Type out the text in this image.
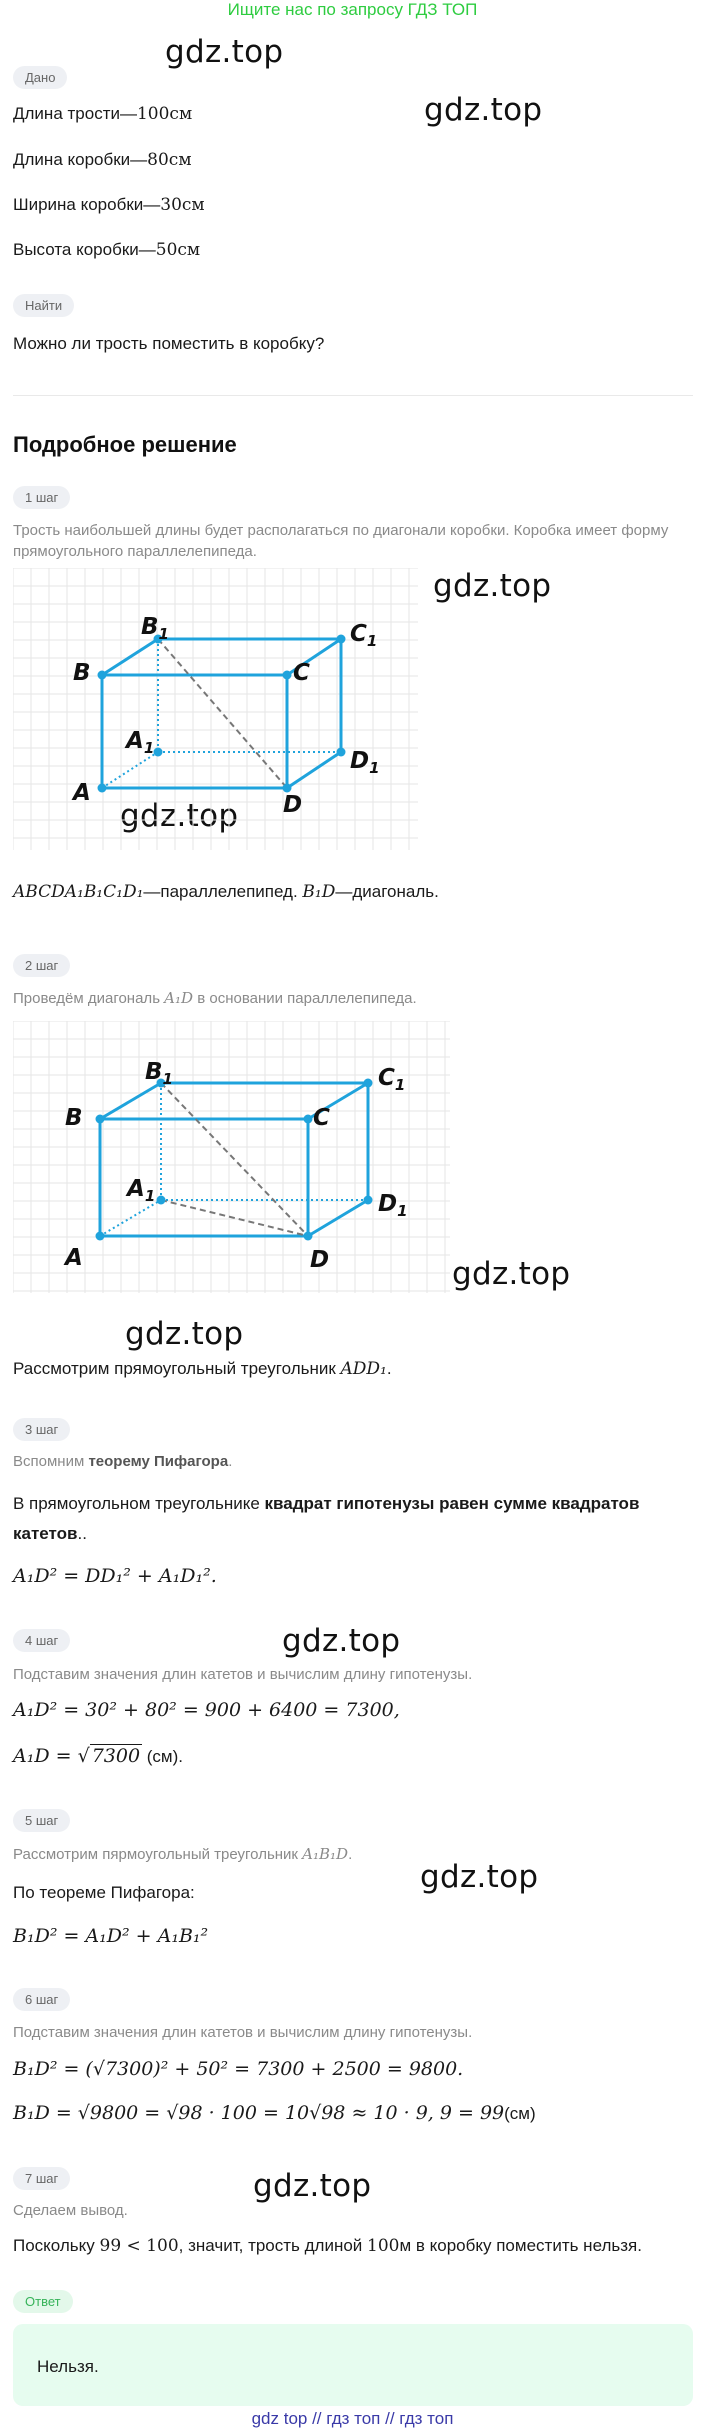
Ищите нас по запросу ГДЗ ТОП
gdz.top
gdz.top
gdz.top
gdz.top
gdz.top
gdz.top
gdz.top
gdz.top
gdz.top
Дано
Длина трости—100см
Длина коробки—80см
Ширина коробки—30см
Высота коробки—50см
Найти
Можно ли трость поместить в коробку?
Подробное решение
1 шаг
Трость наибольшей длины будет располагаться по диагонали коробки. Коробка имеет форму прямоугольного параллелепипеда.
A
B	C
D
$A_1$
$B_1$	$C_1$
$D_1$
ABCDA₁B₁C₁D₁—параллелепипед. B₁D—диагональ.
2 шаг
Проведём диагональ A₁D в основании параллелепипеда.
A
B	C
D
$A_1$
$B_1$	$C_1$
$D_1$
Рассмотрим прямоугольный треугольник ADD₁.
3 шаг
Вспомним теорему Пифагора.
В прямоугольном треугольнике квадрат гипотенузы равен сумме квадратов катетов..
A₁D² = DD₁² + A₁D₁².
4 шаг
Подставим значения длин катетов и вычислим длину гипотенузы.
A₁D² = 30² + 80² = 900 + 6400 = 7300,
A₁D = √ 7300 (см).
5 шаг
Рассмотрим пярмоугольный треугольник A₁B₁D.
По теореме Пифагора:
B₁D² = A₁D² + A₁B₁²
6 шаг
Подставим значения длин катетов и вычислим длину гипотенузы.
B₁D² = (√7300)² + 50² = 7300 + 2500 = 9800.
B₁D = √9800 = √98 · 100 = 10√98 ≈ 10 · 9, 9 = 99(см)
7 шаг
Сделаем вывод.
Поскольку 99 < 100, значит, трость длиной 100м в коробку поместить нельзя.
Ответ
Нельзя.
gdz top // гдз топ // гдз топ
